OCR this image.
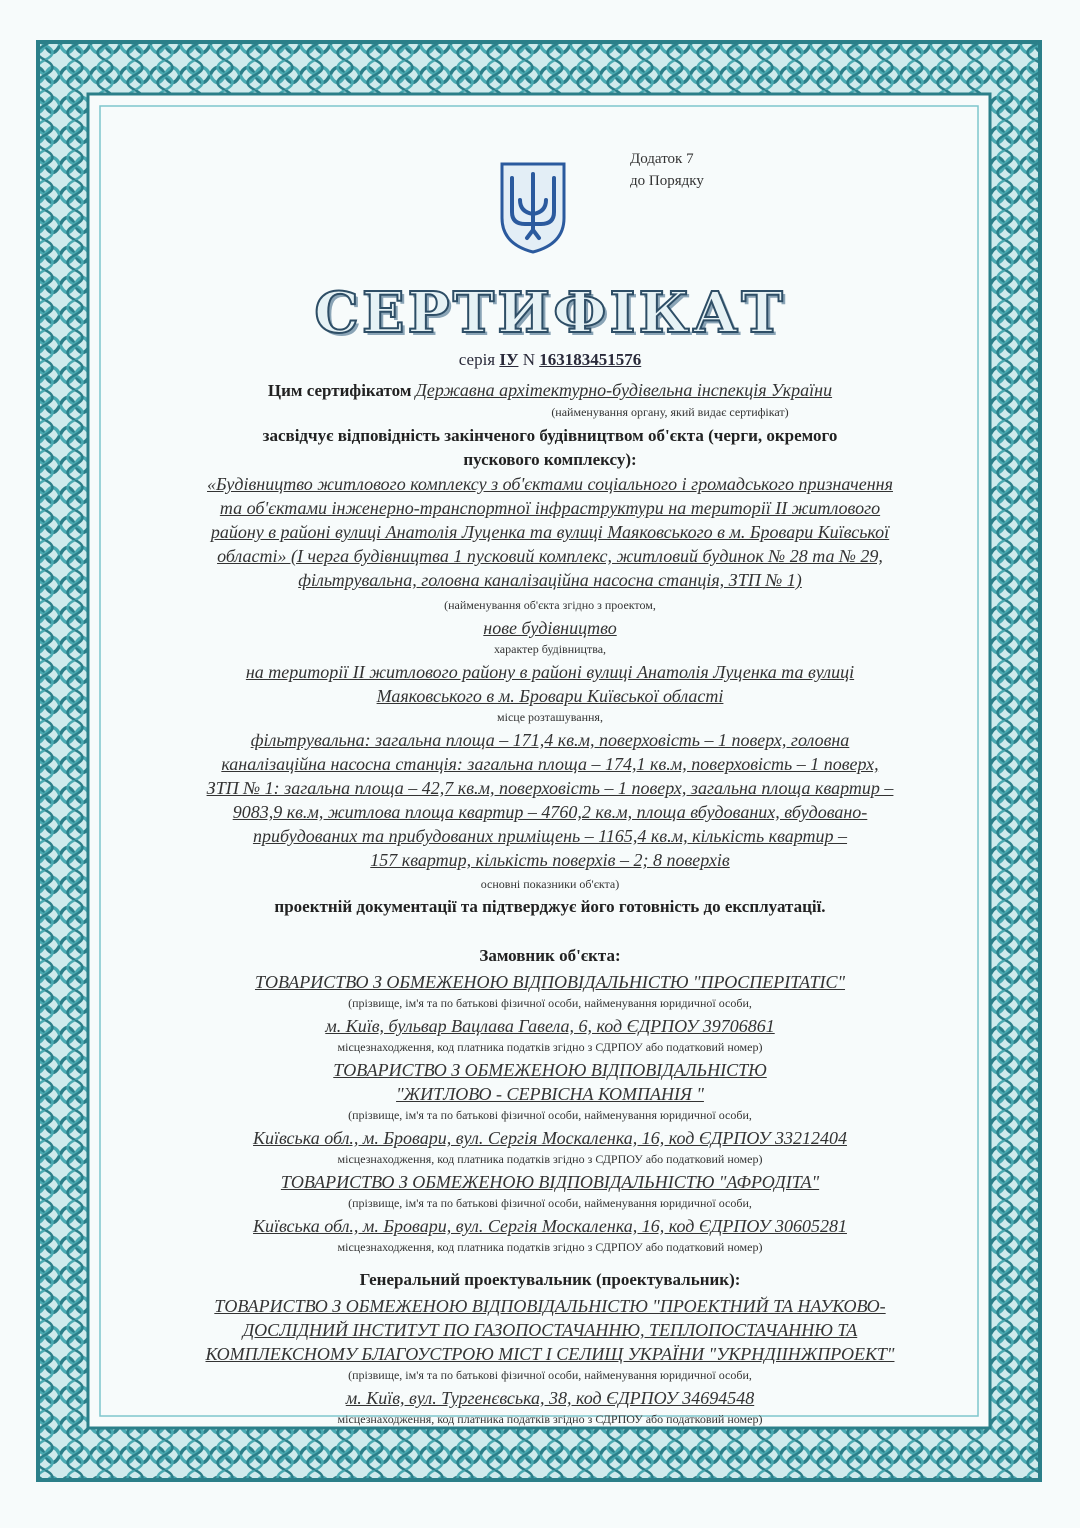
Додаток 7
до Порядку
СЕРТИФІКАТ
серія ІУ N 163183451576
Цим сертифікатом Державна архітектурно-будівельна інспекція України
(найменування органу, який видає сертифікат)
засвідчує відповідність закінченого будівництвом об'єкта (черги, окремого
пускового комплексу):
«Будівництво житлового комплексу з об'єктами соціального і громадського призначення
та об'єктами інженерно-транспортної інфраструктури на території ІІ житлового
району в районі вулиці Анатолія Луценка та вулиці Маяковського в м. Бровари Київської
області» (І черга будівництва 1 пусковий комплекс, житловий будинок № 28 та № 29,
фільтрувальна, головна каналізаційна насосна станція, ЗТП № 1)
(найменування об'єкта згідно з проектом,
нове будівництво
характер будівництва,
на території ІІ житлового району в районі вулиці Анатолія Луценка та вулиці
Маяковського в м. Бровари Київської області
місце розташування,
фільтрувальна: загальна площа – 171,4 кв.м, поверховість – 1 поверх, головна
каналізаційна насосна станція: загальна площа – 174,1 кв.м, поверховість – 1 поверх,
ЗТП № 1: загальна площа – 42,7 кв.м, поверховість – 1 поверх, загальна площа квартир –
9083,9 кв.м, житлова площа квартир – 4760,2 кв.м, площа вбудованих, вбудовано-
прибудованих та прибудованих приміщень – 1165,4 кв.м, кількість квартир –
157 квартир, кількість поверхів – 2; 8 поверхів
основні показники об'єкта)
проектній документації та підтверджує його готовність до експлуатації.
Замовник об'єкта:
ТОВАРИСТВО З ОБМЕЖЕНОЮ ВІДПОВІДАЛЬНІСТЮ "ПРОСПЕРІТАТІС"
(прізвище, ім'я та по батькові фізичної особи, найменування юридичної особи,
м. Київ, бульвар Вацлава Гавела, 6, код ЄДРПОУ 39706861
місцезнаходження, код платника податків згідно з СДРПОУ або податковий номер)
ТОВАРИСТВО З ОБМЕЖЕНОЮ ВІДПОВІДАЛЬНІСТЮ
"ЖИТЛОВО - СЕРВІСНА КОМПАНІЯ "
(прізвище, ім'я та по батькові фізичної особи, найменування юридичної особи,
Київська обл., м. Бровари, вул. Сергія Москаленка, 16, код ЄДРПОУ 33212404
місцезнаходження, код платника податків згідно з СДРПОУ або податковий номер)
ТОВАРИСТВО З ОБМЕЖЕНОЮ ВІДПОВІДАЛЬНІСТЮ "АФРОДІТА"
(прізвище, ім'я та по батькові фізичної особи, найменування юридичної особи,
Київська обл., м. Бровари, вул. Сергія Москаленка, 16, код ЄДРПОУ 30605281
місцезнаходження, код платника податків згідно з СДРПОУ або податковий номер)
Генеральний проектувальник (проектувальник):
ТОВАРИСТВО З ОБМЕЖЕНОЮ ВІДПОВІДАЛЬНІСТЮ "ПРОЕКТНИЙ ТА НАУКОВО-
ДОСЛІДНИЙ ІНСТИТУТ ПО ГАЗОПОСТАЧАННЮ, ТЕПЛОПОСТАЧАННЮ ТА
КОМПЛЕКСНОМУ БЛАГОУСТРОЮ МІСТ І СЕЛИЩ УКРАЇНИ "УКРНДІІНЖПРОЕКТ"
(прізвище, ім'я та по батькові фізичної особи, найменування юридичної особи,
м. Київ, вул. Тургенєвська, 38, код ЄДРПОУ 34694548
місцезнаходження, код платника податків згідно з СДРПОУ або податковий номер)
